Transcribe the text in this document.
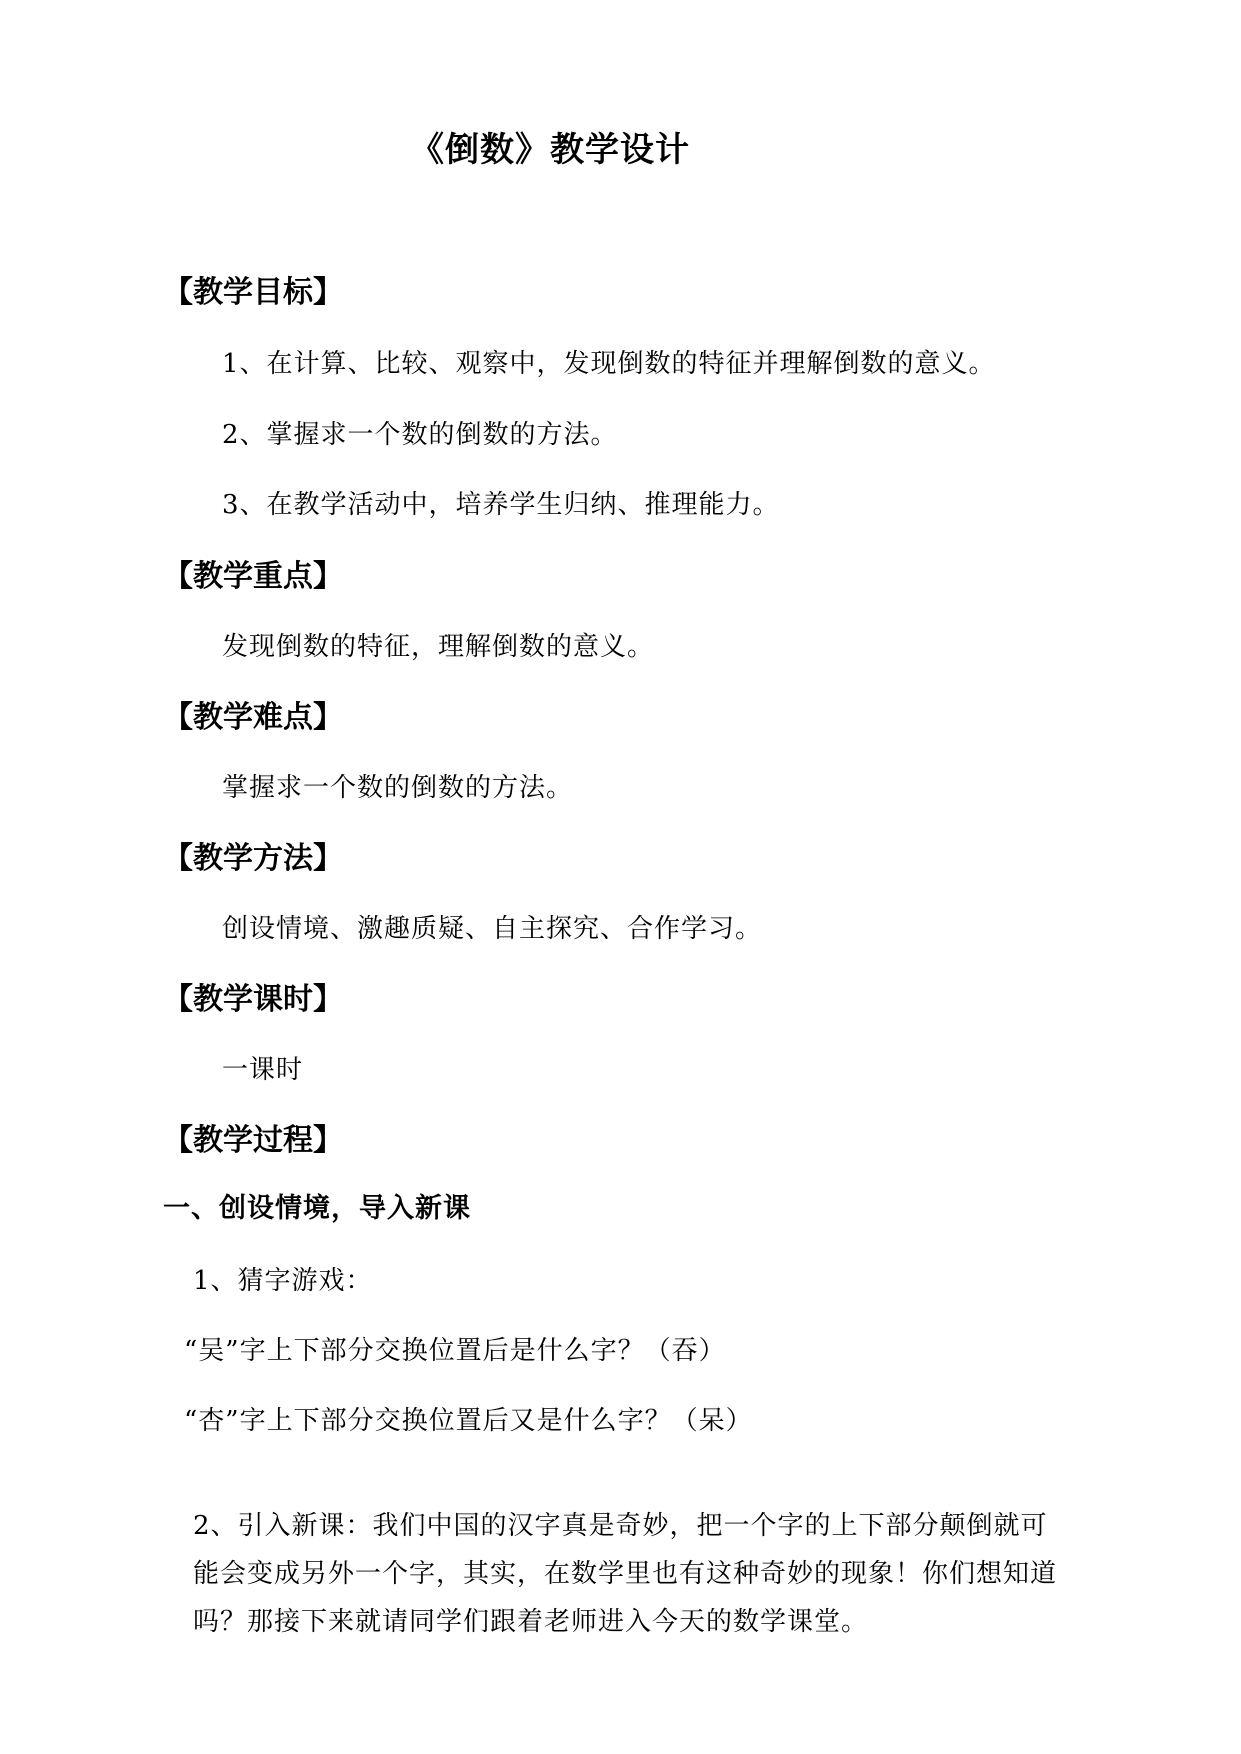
《倒数》教学设计
【教学目标】
1、在计算、比较、观察中，发现倒数的特征并理解倒数的意义。
2、掌握求一个数的倒数的方法。
3、在教学活动中，培养学生归纳、推理能力。
【教学重点】
发现倒数的特征，理解倒数的意义。
【教学难点】
掌握求一个数的倒数的方法。
【教学方法】
创设情境、激趣质疑、自主探究、合作学习。
【教学课时】
一课时
【教学过程】
一、创设情境，导入新课
1、猜字游戏：
“吴”字上下部分交换位置后是什么字？（吞）
“杏”字上下部分交换位置后又是什么字？（呆）

2、引入新课：我们中国的汉字真是奇妙，把一个字的上下部分颠倒就可

能会变成另外一个字，其实，在数学里也有这种奇妙的现象！你们想知道

吗？那接下来就请同学们跟着老师进入今天的数学课堂。
